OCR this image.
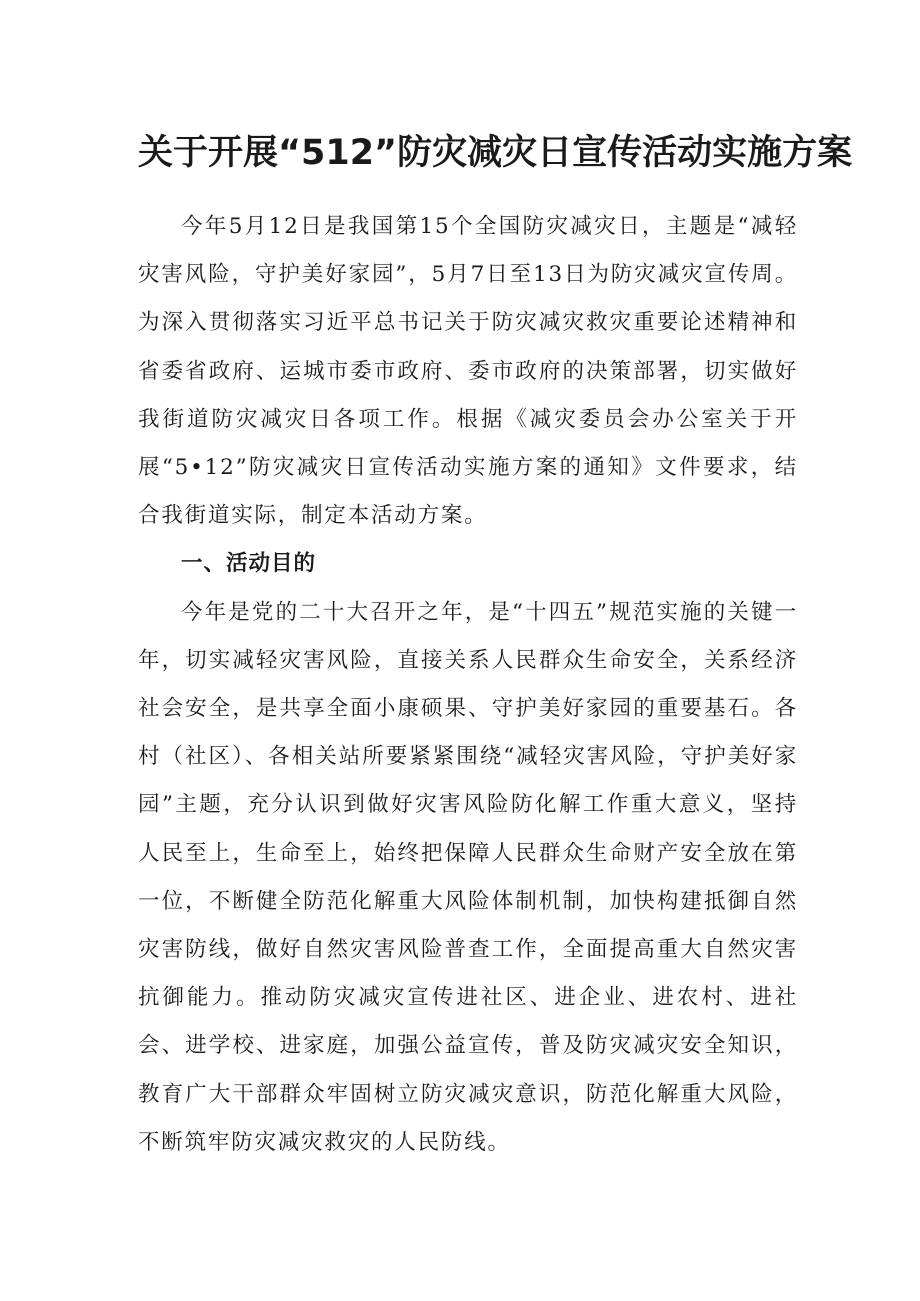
关于开展“512”防灾减灾日宣传活动实施方案

今年5月12日是我国第15个全国防灾减灾日，主题是“减轻灾害风险，守护美好家园”，5月7日至13日为防灾减灾宣传周。为深入贯彻落实习近平总书记关于防灾减灾救灾重要论述精神和省委省政府、运城市委市政府、委市政府的决策部署，切实做好我街道防灾减灾日各项工作。根据《减灾委员会办公室关于开展“5•12”防灾减灾日宣传活动实施方案的通知》文件要求，结合我街道实际，制定本活动方案。

一、活动目的

今年是党的二十大召开之年，是“十四五”规范实施的关键一年，切实减轻灾害风险，直接关系人民群众生命安全，关系经济社会安全，是共享全面小康硕果、守护美好家园的重要基石。各村（社区）、各相关站所要紧紧围绕“减轻灾害风险，守护美好家园”主题，充分认识到做好灾害风险防化解工作重大意义，坚持人民至上，生命至上，始终把保障人民群众生命财产安全放在第一位，不断健全防范化解重大风险体制机制，加快构建抵御自然灾害防线，做好自然灾害风险普查工作，全面提高重大自然灾害抗御能力。推动防灾减灾宣传进社区、进企业、进农村、进社会、进学校、进家庭，加强公益宣传，普及防灾减灾安全知识，教育广大干部群众牢固树立防灾减灾意识，防范化解重大风险，不断筑牢防灾减灾救灾的人民防线。
